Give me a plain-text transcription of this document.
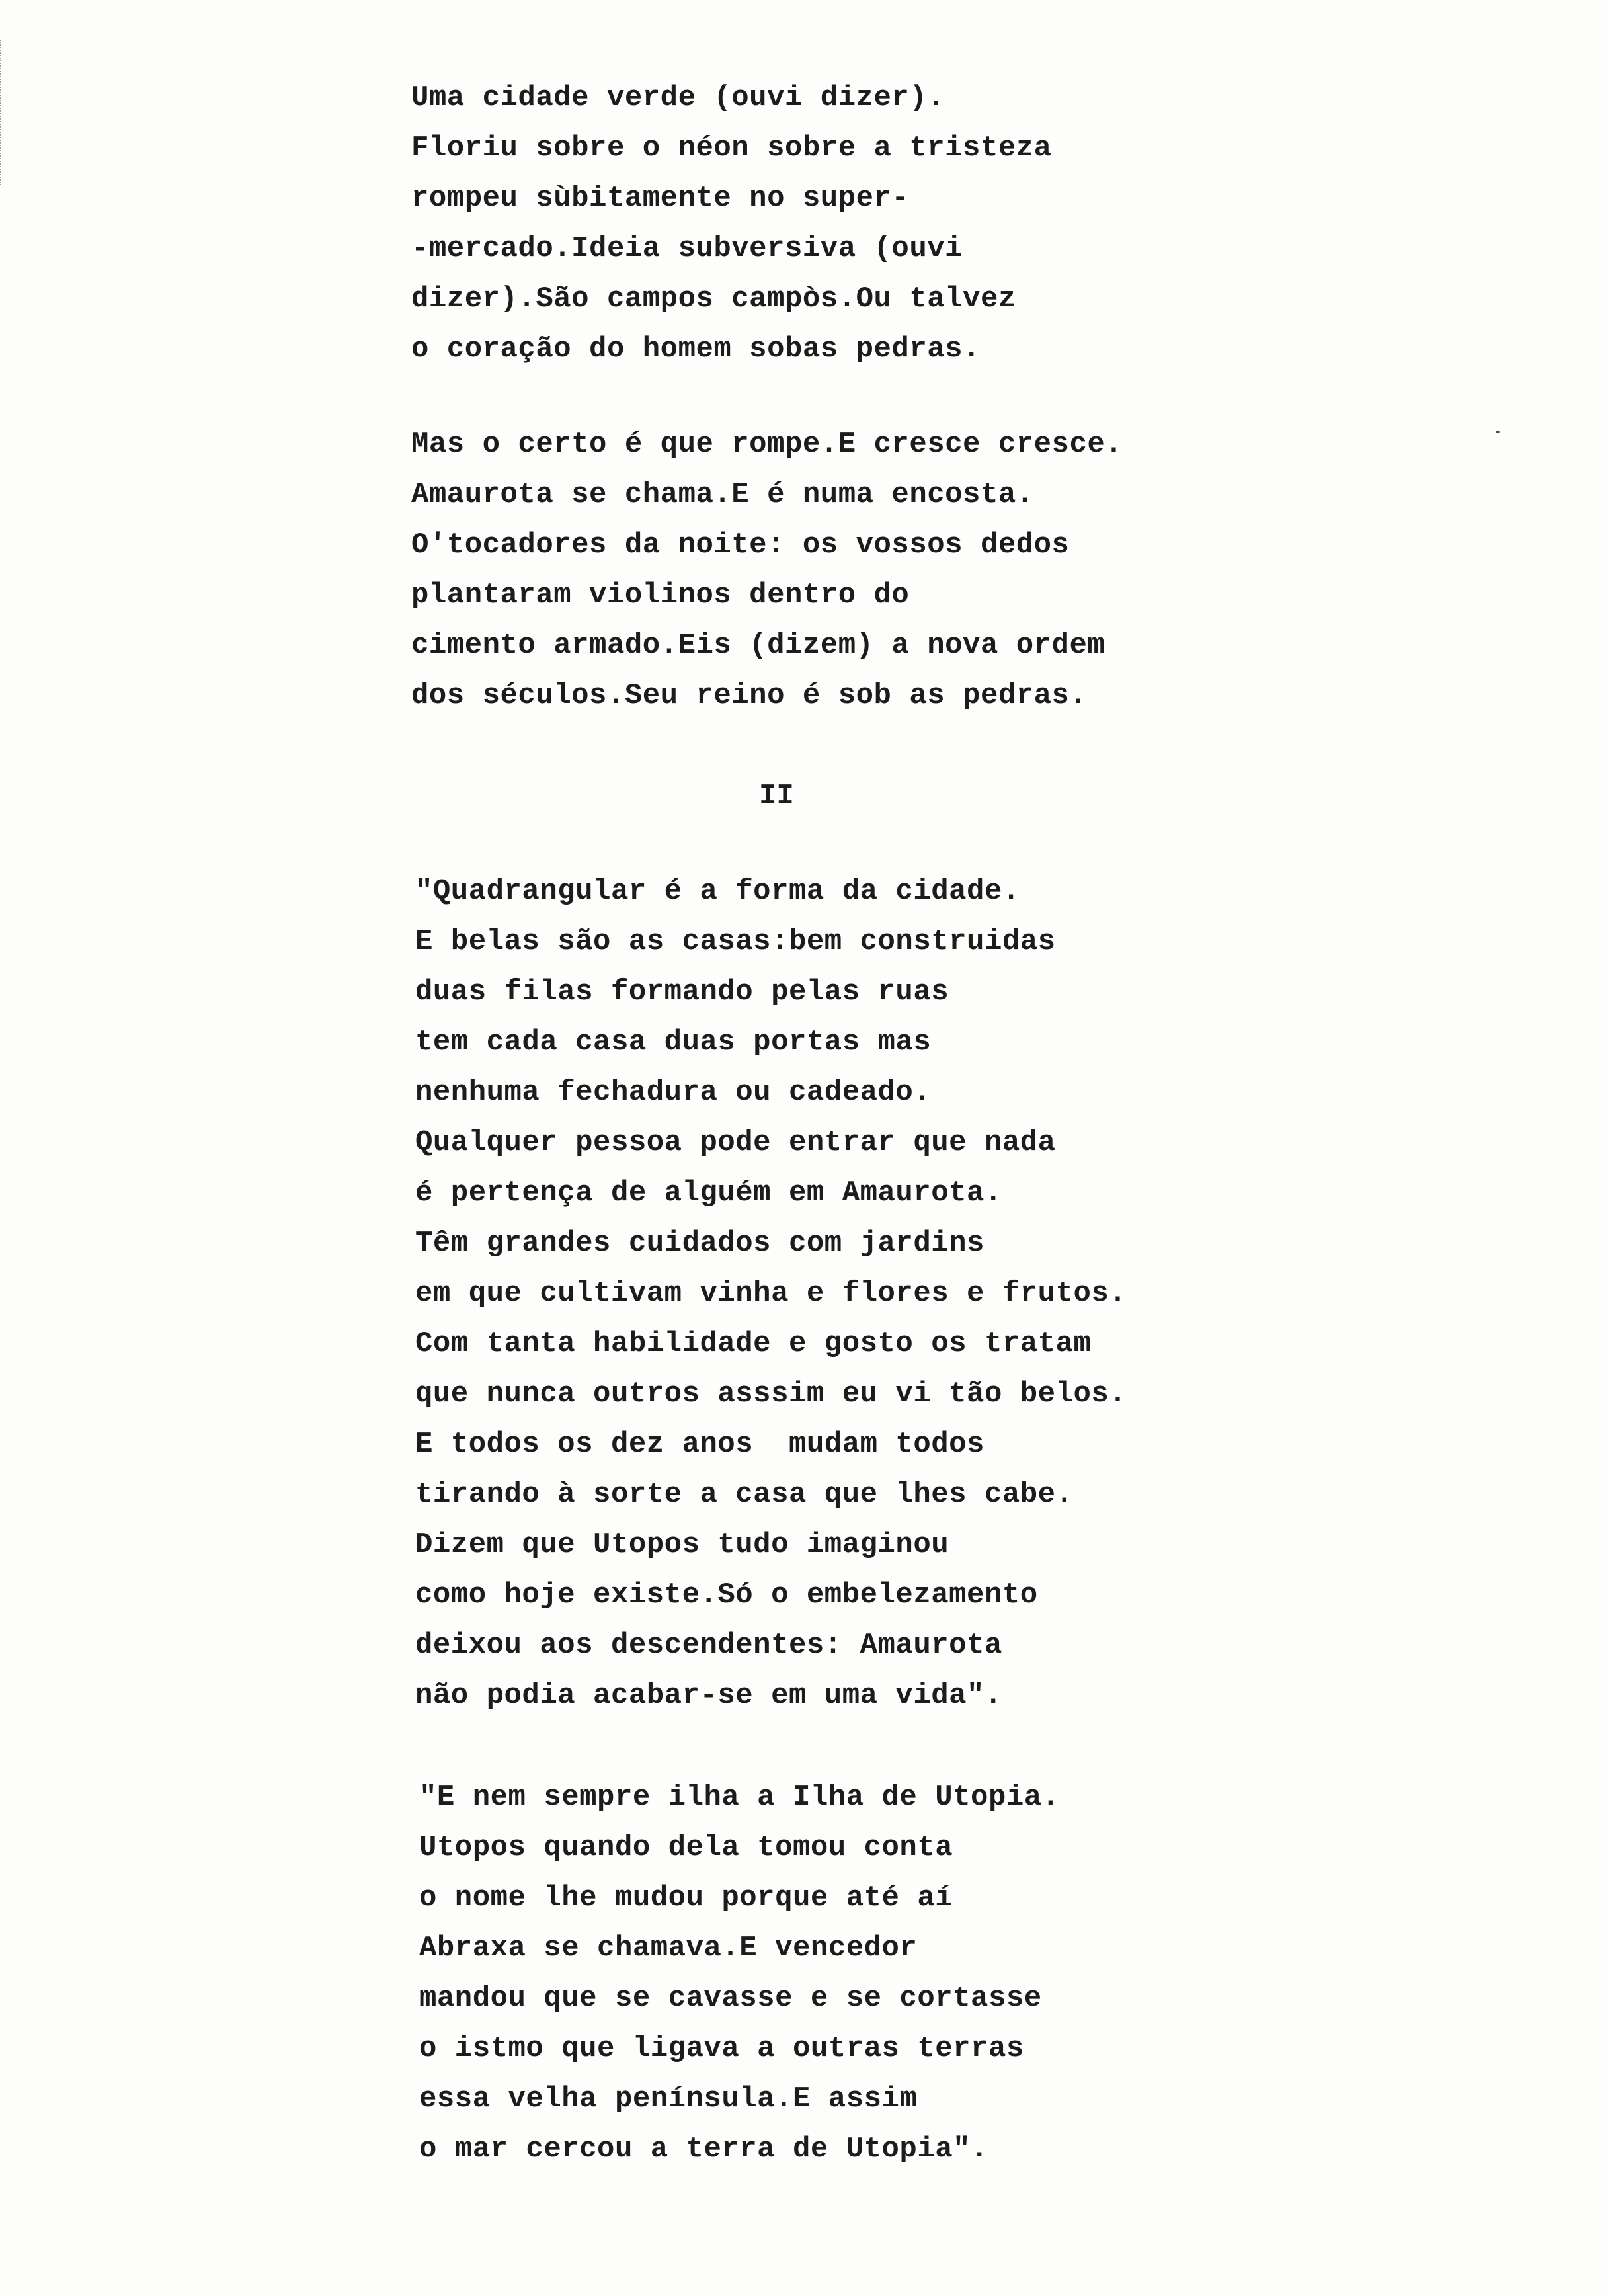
Uma cidade verde (ouvi dizer).
Floriu sobre o néon sobre a tristeza
rompeu sùbitamente no super-
-mercado.Ideia subversiva (ouvi
dizer).São campos campòs.Ou talvez
o coração do homem sobas pedras.
Mas o certo é que rompe.E cresce cresce.
Amaurota se chama.E é numa encosta.
O'tocadores da noite: os vossos dedos
plantaram violinos dentro do
cimento armado.Eis (dizem) a nova ordem
dos séculos.Seu reino é sob as pedras.
II
"Quadrangular é a forma da cidade.
E belas são as casas:bem construidas
duas filas formando pelas ruas
tem cada casa duas portas mas
nenhuma fechadura ou cadeado.
Qualquer pessoa pode entrar que nada
é pertença de alguém em Amaurota.
Têm grandes cuidados com jardins
em que cultivam vinha e flores e frutos.
Com tanta habilidade e gosto os tratam
que nunca outros asssim eu vi tão belos.
E todos os dez anos  mudam todos
tirando à sorte a casa que lhes cabe.
Dizem que Utopos tudo imaginou
como hoje existe.Só o embelezamento
deixou aos descendentes: Amaurota
não podia acabar-se em uma vida".
"E nem sempre ilha a Ilha de Utopia.
Utopos quando dela tomou conta
o nome lhe mudou porque até aí
Abraxa se chamava.E vencedor
mandou que se cavasse e se cortasse
o istmo que ligava a outras terras
essa velha península.E assim
o mar cercou a terra de Utopia".
